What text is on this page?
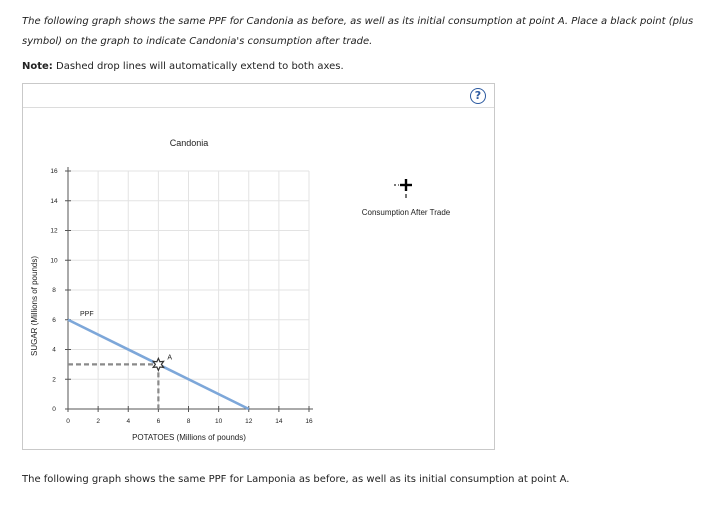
The following graph shows the same PPF for Candonia as before, as well as its initial consumption at point A. Place a black point (plus symbol) on the graph to indicate Candonia's consumption after trade.

Note: Dashed drop lines will automatically extend to both axes.

?
Candonia
0	2	4	6	8	10	12	14	16
0
2
4
6
8
10
12
14
16
POTATOES (Millions of pounds)
SUGAR (Millions of pounds)	PPF
A
Consumption After Trade

The following graph shows the same PPF for Lamponia as before, as well as its initial consumption at point A.
